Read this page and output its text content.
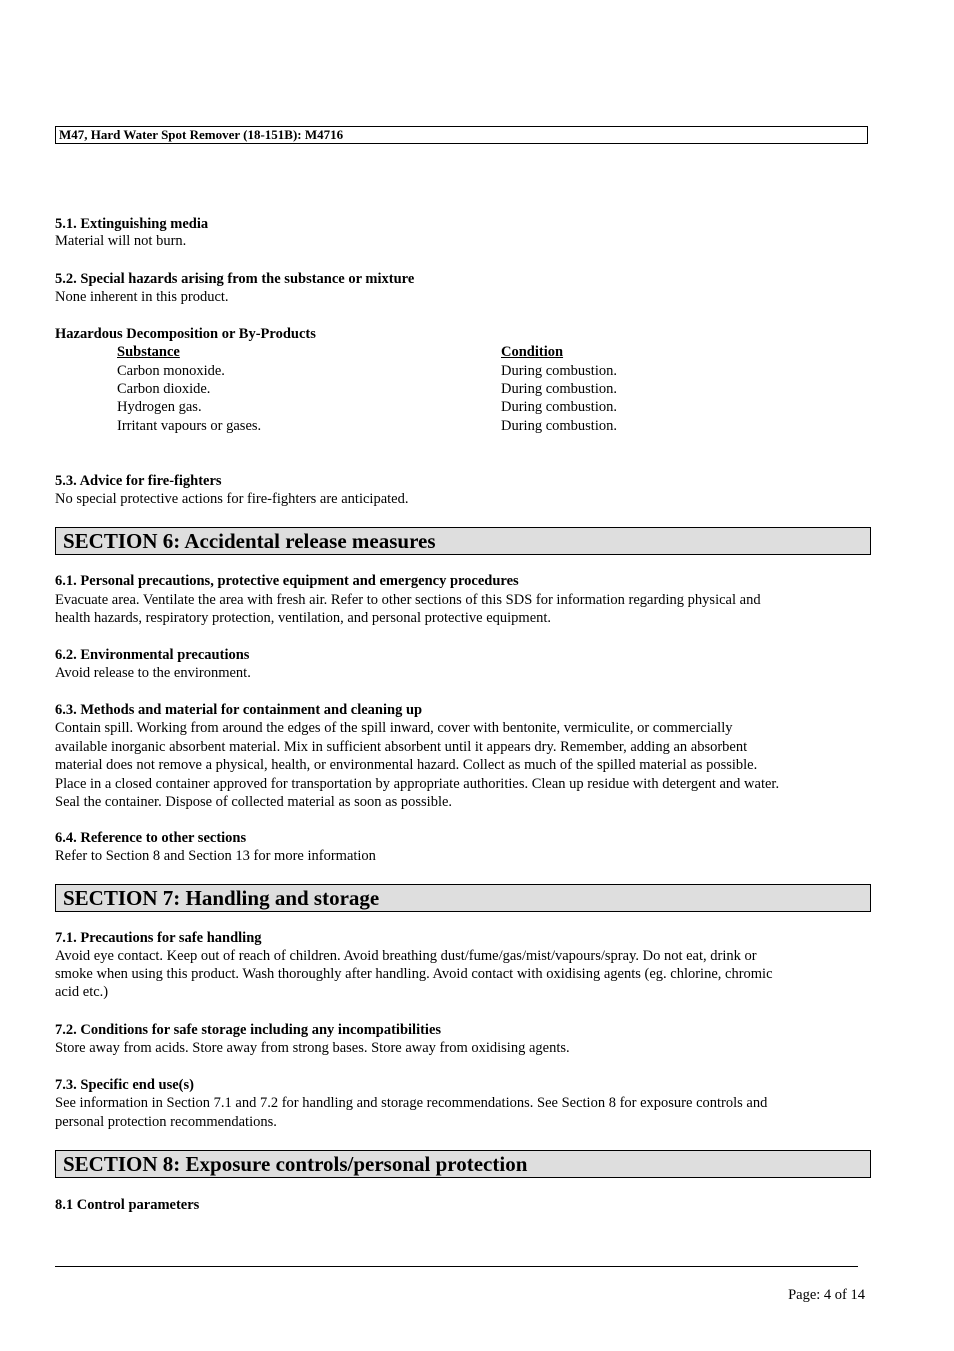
M47, Hard Water Spot Remover (18-151B): M4716
5.1. Extinguishing media
Material will not burn.
5.2. Special hazards arising from the substance or mixture
None inherent in this product.
Hazardous Decomposition or By-Products
Substance	Condition
Carbon monoxide.	During combustion.
Carbon dioxide.	During combustion.
Hydrogen gas.	During combustion.
Irritant vapours or gases.	During combustion.
5.3. Advice for fire-fighters
No special protective actions for fire-fighters are anticipated.
SECTION 6: Accidental release measures
6.1. Personal precautions, protective equipment and emergency procedures
Evacuate area. Ventilate the area with fresh air. Refer to other sections of this SDS for information regarding physical and
health hazards, respiratory protection, ventilation, and personal protective equipment.
6.2. Environmental precautions
Avoid release to the environment.
6.3. Methods and material for containment and cleaning up
Contain spill. Working from around the edges of the spill inward, cover with bentonite, vermiculite, or commercially
available inorganic absorbent material. Mix in sufficient absorbent until it appears dry. Remember, adding an absorbent
material does not remove a physical, health, or environmental hazard. Collect as much of the spilled material as possible.
Place in a closed container approved for transportation by appropriate authorities. Clean up residue with detergent and water.
Seal the container. Dispose of collected material as soon as possible.
6.4. Reference to other sections
Refer to Section 8 and Section 13 for more information
SECTION 7: Handling and storage
7.1. Precautions for safe handling
Avoid eye contact. Keep out of reach of children. Avoid breathing dust/fume/gas/mist/vapours/spray. Do not eat, drink or
smoke when using this product. Wash thoroughly after handling. Avoid contact with oxidising agents (eg. chlorine, chromic
acid etc.)
7.2. Conditions for safe storage including any incompatibilities
Store away from acids. Store away from strong bases. Store away from oxidising agents.
7.3. Specific end use(s)
See information in Section 7.1 and 7.2 for handling and storage recommendations. See Section 8 for exposure controls and
personal protection recommendations.
SECTION 8: Exposure controls/personal protection
8.1 Control parameters
Page: 4 of 14
